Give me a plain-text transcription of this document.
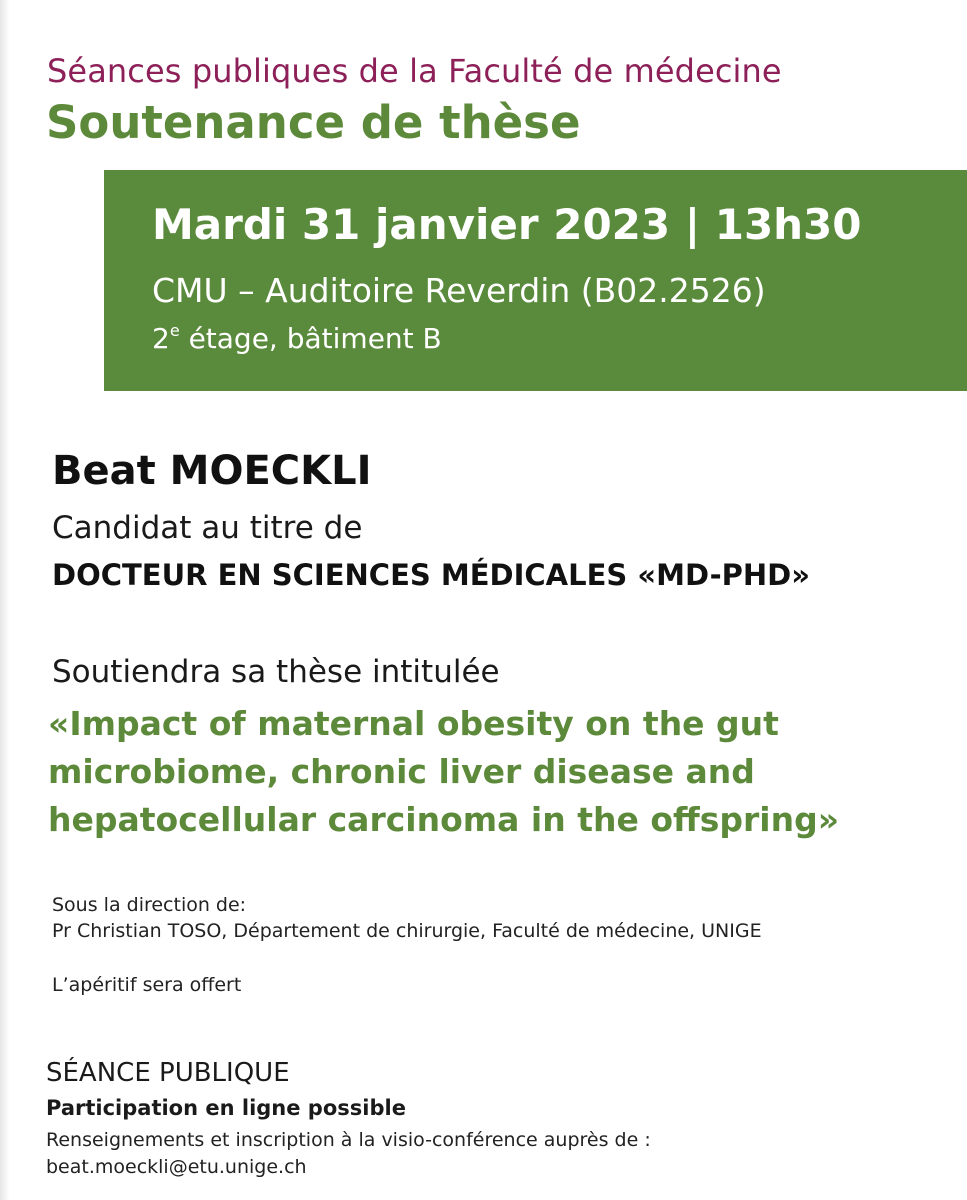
Séances publiques de la Faculté de médecine
Soutenance de thèse
Mardi 31 janvier 2023 | 13h30
CMU – Auditoire Reverdin (B02.2526)
2e étage, bâtiment B
Beat MOECKLI
Candidat au titre de
DOCTEUR EN SCIENCES MÉDICALES «MD-PHD»
Soutiendra sa thèse intitulée
«Impact of maternal obesity on the gut microbiome, chronic liver disease and hepatocellular carcinoma in the offspring»
Sous la direction de:
Pr Christian TOSO, Département de chirurgie, Faculté de médecine, UNIGE
L’apéritif sera offert
SÉANCE PUBLIQUE
Participation en ligne possible
Renseignements et inscription à la visio-conférence auprès de :
beat.moeckli@etu.unige.ch
